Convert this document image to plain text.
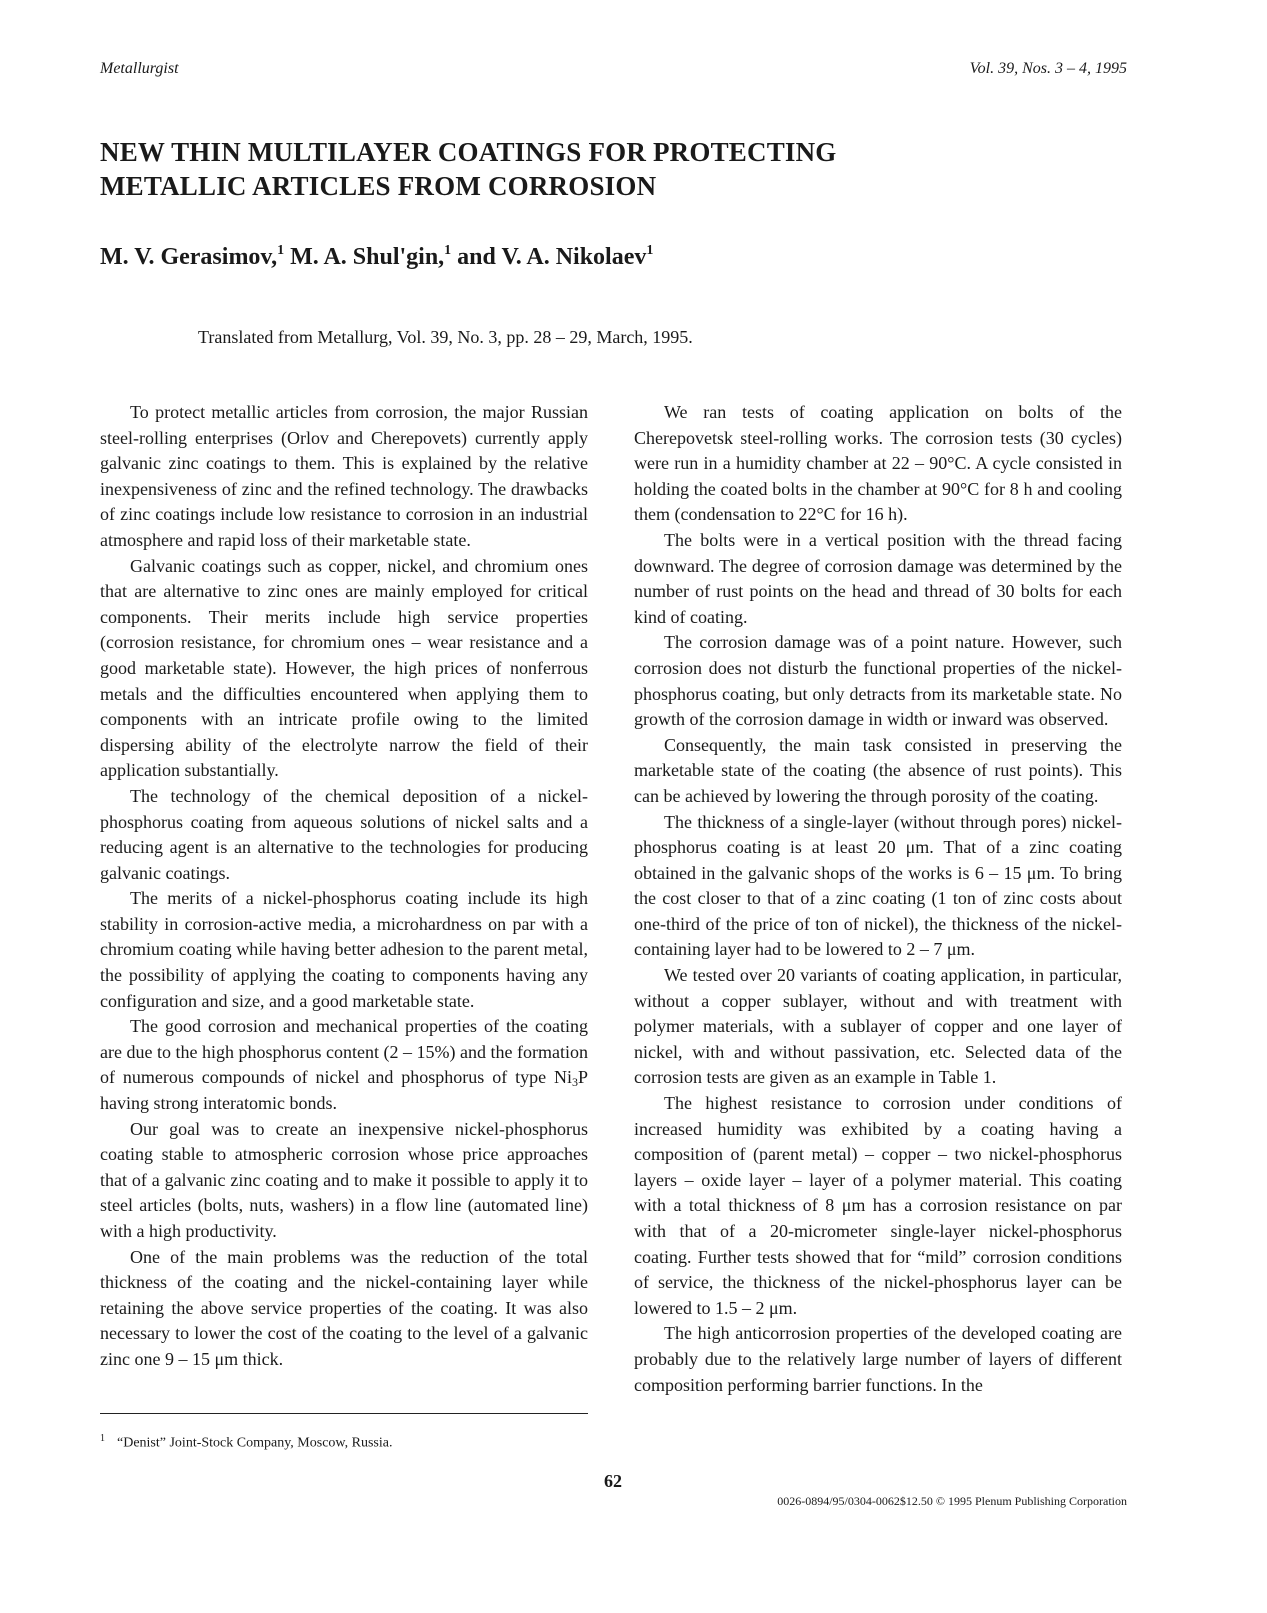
Metallurgist	Vol. 39, Nos. 3 – 4, 1995
NEW THIN MULTILAYER COATINGS FOR PROTECTING
METALLIC ARTICLES FROM CORROSION
M. V. Gerasimov,$^1$ M. A. Shul'gin,$^1$ and V. A. Nikolaev$^1$
Translated from Metallurg, Vol. 39, No. 3, pp. 28 – 29, March, 1995.

To protect metallic articles from corrosion, the major Russian steel-rolling enterprises (Orlov and Cherepovets) currently apply galvanic zinc coatings to them. This is explained by the relative inexpensiveness of zinc and the refined technology. The drawbacks of zinc coatings include low resistance to corrosion in an industrial atmosphere and rapid loss of their marketable state.

Galvanic coatings such as copper, nickel, and chromium ones that are alternative to zinc ones are mainly employed for critical components. Their merits include high service properties (corrosion resistance, for chromium ones – wear resistance and a good marketable state). However, the high prices of nonferrous metals and the difficulties encountered when applying them to components with an intricate profile owing to the limited dispersing ability of the electrolyte narrow the field of their application substantially.

The technology of the chemical deposition of a nickel-phosphorus coating from aqueous solutions of nickel salts and a reducing agent is an alternative to the technologies for producing galvanic coatings.

The merits of a nickel-phosphorus coating include its high stability in corrosion-active media, a microhardness on par with a chromium coating while having better adhesion to the parent metal, the possibility of applying the coating to components having any configuration and size, and a good marketable state.

The good corrosion and mechanical properties of the coating are due to the high phosphorus content (2 – 15%) and the formation of numerous compounds of nickel and phosphorus of type $Ni_3P$ having strong interatomic bonds.

Our goal was to create an inexpensive nickel-phosphorus coating stable to atmospheric corrosion whose price approaches that of a galvanic zinc coating and to make it possible to apply it to steel articles (bolts, nuts, washers) in a flow line (automated line) with a high productivity.

One of the main problems was the reduction of the total thickness of the coating and the nickel-containing layer while retaining the above service properties of the coating. It was also necessary to lower the cost of the coating to the level of a galvanic zinc one 9 – 15 μm thick.

We ran tests of coating application on bolts of the Cherepovetsk steel-rolling works. The corrosion tests (30 cycles) were run in a humidity chamber at 22 – 90°C. A cycle consisted in holding the coated bolts in the chamber at 90°C for 8 h and cooling them (condensation to 22°C for 16 h).

The bolts were in a vertical position with the thread facing downward. The degree of corrosion damage was determined by the number of rust points on the head and thread of 30 bolts for each kind of coating.

The corrosion damage was of a point nature. However, such corrosion does not disturb the functional properties of the nickel-phosphorus coating, but only detracts from its marketable state. No growth of the corrosion damage in width or inward was observed.

Consequently, the main task consisted in preserving the marketable state of the coating (the absence of rust points). This can be achieved by lowering the through porosity of the coating.

The thickness of a single-layer (without through pores) nickel-phosphorus coating is at least 20 μm. That of a zinc coating obtained in the galvanic shops of the works is 6 – 15 μm. To bring the cost closer to that of a zinc coating (1 ton of zinc costs about one-third of the price of ton of nickel), the thickness of the nickel-containing layer had to be lowered to 2 – 7 μm.

We tested over 20 variants of coating application, in particular, without a copper sublayer, without and with treatment with polymer materials, with a sublayer of copper and one layer of nickel, with and without passivation, etc. Selected data of the corrosion tests are given as an example in Table 1.

The highest resistance to corrosion under conditions of increased humidity was exhibited by a coating having a composition of (parent metal) – copper – two nickel-phosphorus layers – oxide layer – layer of a polymer material. This coating with a total thickness of 8 μm has a corrosion resistance on par with that of a 20-micrometer single-layer nickel-phosphorus coating. Further tests showed that for “mild” corrosion conditions of service, the thickness of the nickel-phosphorus layer can be lowered to 1.5 – 2 μm.

The high anticorrosion properties of the developed coating are probably due to the relatively large number of layers of different composition performing barrier functions. In the

$^1$ “Denist” Joint-Stock Company, Moscow, Russia.
62
0026-0894/95/0304-0062$12.50 © 1995 Plenum Publishing Corporation
